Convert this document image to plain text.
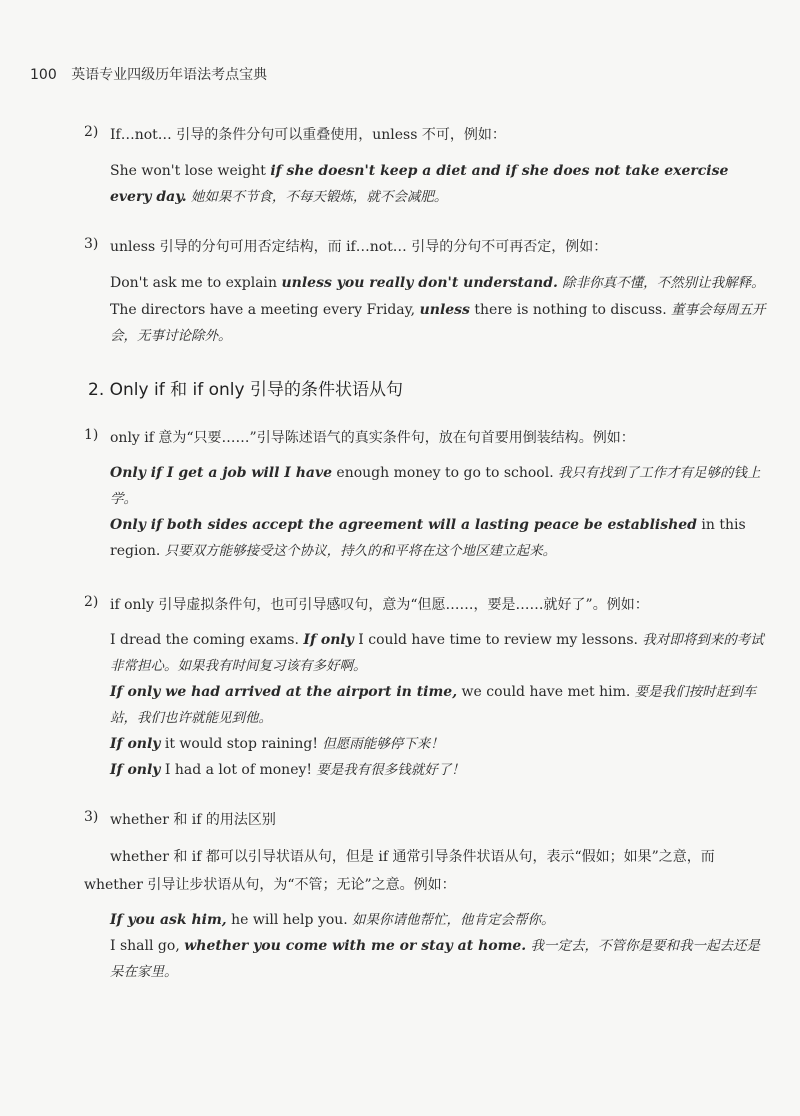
100 英语专业四级历年语法考点宝典
2) If…not… 引导的条件分句可以重叠使用，unless 不可，例如：
She won't lose weight if she doesn't keep a diet and if she does not take exercise every day. 她如果不节食，不每天锻炼，就不会减肥。
3) unless 引导的分句可用否定结构，而 if…not… 引导的分句不可再否定，例如：
Don't ask me to explain unless you really don't understand. 除非你真不懂，不然别让我解释。
The directors have a meeting every Friday, unless there is nothing to discuss. 董事会每周五开会，无事讨论除外。
2. Only if 和 if only 引导的条件状语从句
1) only if 意为“只要……”引导陈述语气的真实条件句，放在句首要用倒装结构。例如：
Only if I get a job will I have enough money to go to school. 我只有找到了工作才有足够的钱上学。
Only if both sides accept the agreement will a lasting peace be established in this region. 只要双方能够接受这个协议，持久的和平将在这个地区建立起来。
2) if only 引导虚拟条件句，也可引导感叹句，意为“但愿……，要是……就好了”。例如：
I dread the coming exams. If only I could have time to review my lessons. 我对即将到来的考试非常担心。如果我有时间复习该有多好啊。
If only we had arrived at the airport in time, we could have met him. 要是我们按时赶到车站，我们也许就能见到他。
If only it would stop raining! 但愿雨能够停下来！
If only I had a lot of money! 要是我有很多钱就好了！
3) whether 和 if 的用法区别
whether 和 if 都可以引导状语从句，但是 if 通常引导条件状语从句，表示“假如；如果”之意，而 whether 引导让步状语从句，为“不管；无论”之意。例如：
If you ask him, he will help you. 如果你请他帮忙，他肯定会帮你。
I shall go, whether you come with me or stay at home. 我一定去，不管你是要和我一起去还是呆在家里。
